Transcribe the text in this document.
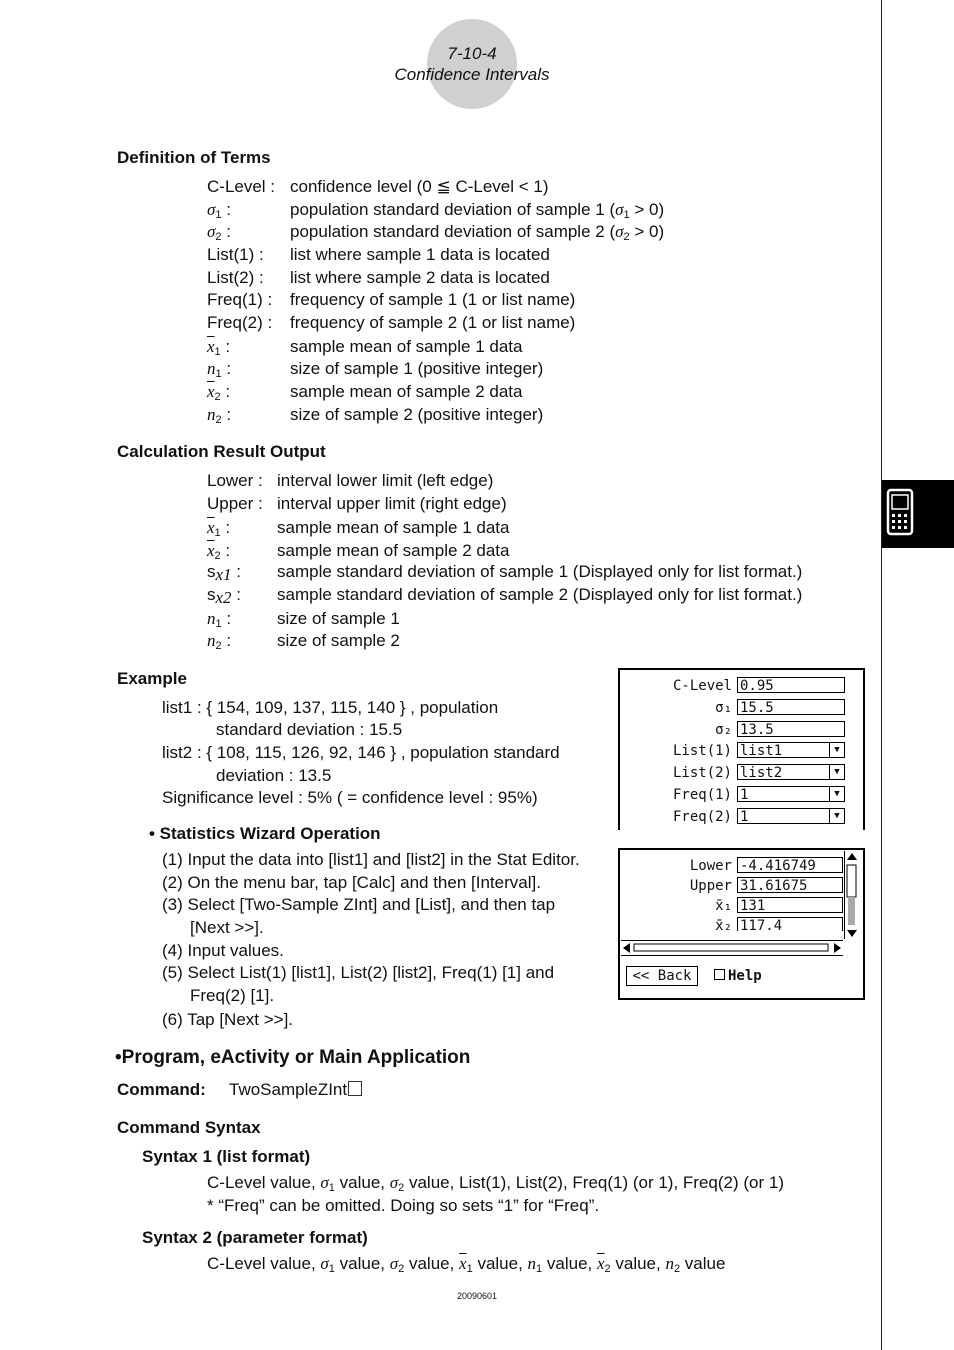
7-10-4
Confidence Intervals
Definition of Terms
C-Level : confidence level (0 ≦ C-Level < 1)
$\sigma_1$ :	population standard deviation of sample 1 $(\sigma_1 > 0)$
$\sigma_2$ :	population standard deviation of sample 2 $(\sigma_2 > 0)$
List(1) : list where sample 1 data is located
List(2) : list where sample 2 data is located
Freq(1) : frequency of sample 1 (1 or list name)
Freq(2) : frequency of sample 2 (1 or list name)
$\overline{x}_1$ :	sample mean of sample 1 data
$n_1$ :	size of sample 1 (positive integer)
$\overline{x}_2$ :	sample mean of sample 2 data
$n_2$ :	size of sample 2 (positive integer)
Calculation Result Output
Lower : interval lower limit (left edge)
Upper : interval upper limit (right edge)
$\overline{x}_1$ :	sample mean of sample 1 data
$\overline{x}_2$ :	sample mean of sample 2 data
$s_{x1}$ : sample standard deviation of sample 1 (Displayed only for list format.)
$s_{x2}$ : sample standard deviation of sample 2 (Displayed only for list format.)
$n_1$ :	size of sample 1
$n_2$ :	size of sample 2
Example
list1 : { 154, 109, 137, 115, 140 } , population
standard deviation : 15.5
list2 : { 108, 115, 126, 92, 146 } , population standard
deviation : 13.5
Significance level : 5% ( = confidence level : 95%)
• Statistics Wizard Operation
(1) Input the data into [list1] and [list2] in the Stat Editor.
(2) On the menu bar, tap [Calc] and then [Interval].
(3) Select [Two-Sample ZInt] and [List], and then tap
[Next >>].
(4) Input values.
(5) Select List(1) [list1], List(2) [list2], Freq(1) [1] and
Freq(2) [1].
(6) Tap [Next >>].
C-Level 0.95
σ₁ 15.5
σ₂ 13.5
List(1) list1	▼
List(2) list2	▼
Freq(1) 1	▼
Freq(2) 1	▼
Lower -4.416749
Upper 31.61675
x̄₁ 131
x̄₂ 117.4
<< Back	Help
•Program, eActivity or Main Application
Command: TwoSampleZInt
Command Syntax
Syntax 1 (list format)
C-Level value, $\sigma_1$ value, $\sigma_2$ value, List(1), List(2), Freq(1) (or 1), Freq(2) (or 1)
* “Freq” can be omitted. Doing so sets “1” for “Freq”.
Syntax 2 (parameter format)
C-Level value, $\sigma_1$ value, $\sigma_2$ value, $\overline{x}_1$ value, $n_1$ value, $\overline{x}_2$ value, $n_2$ value
20090601
